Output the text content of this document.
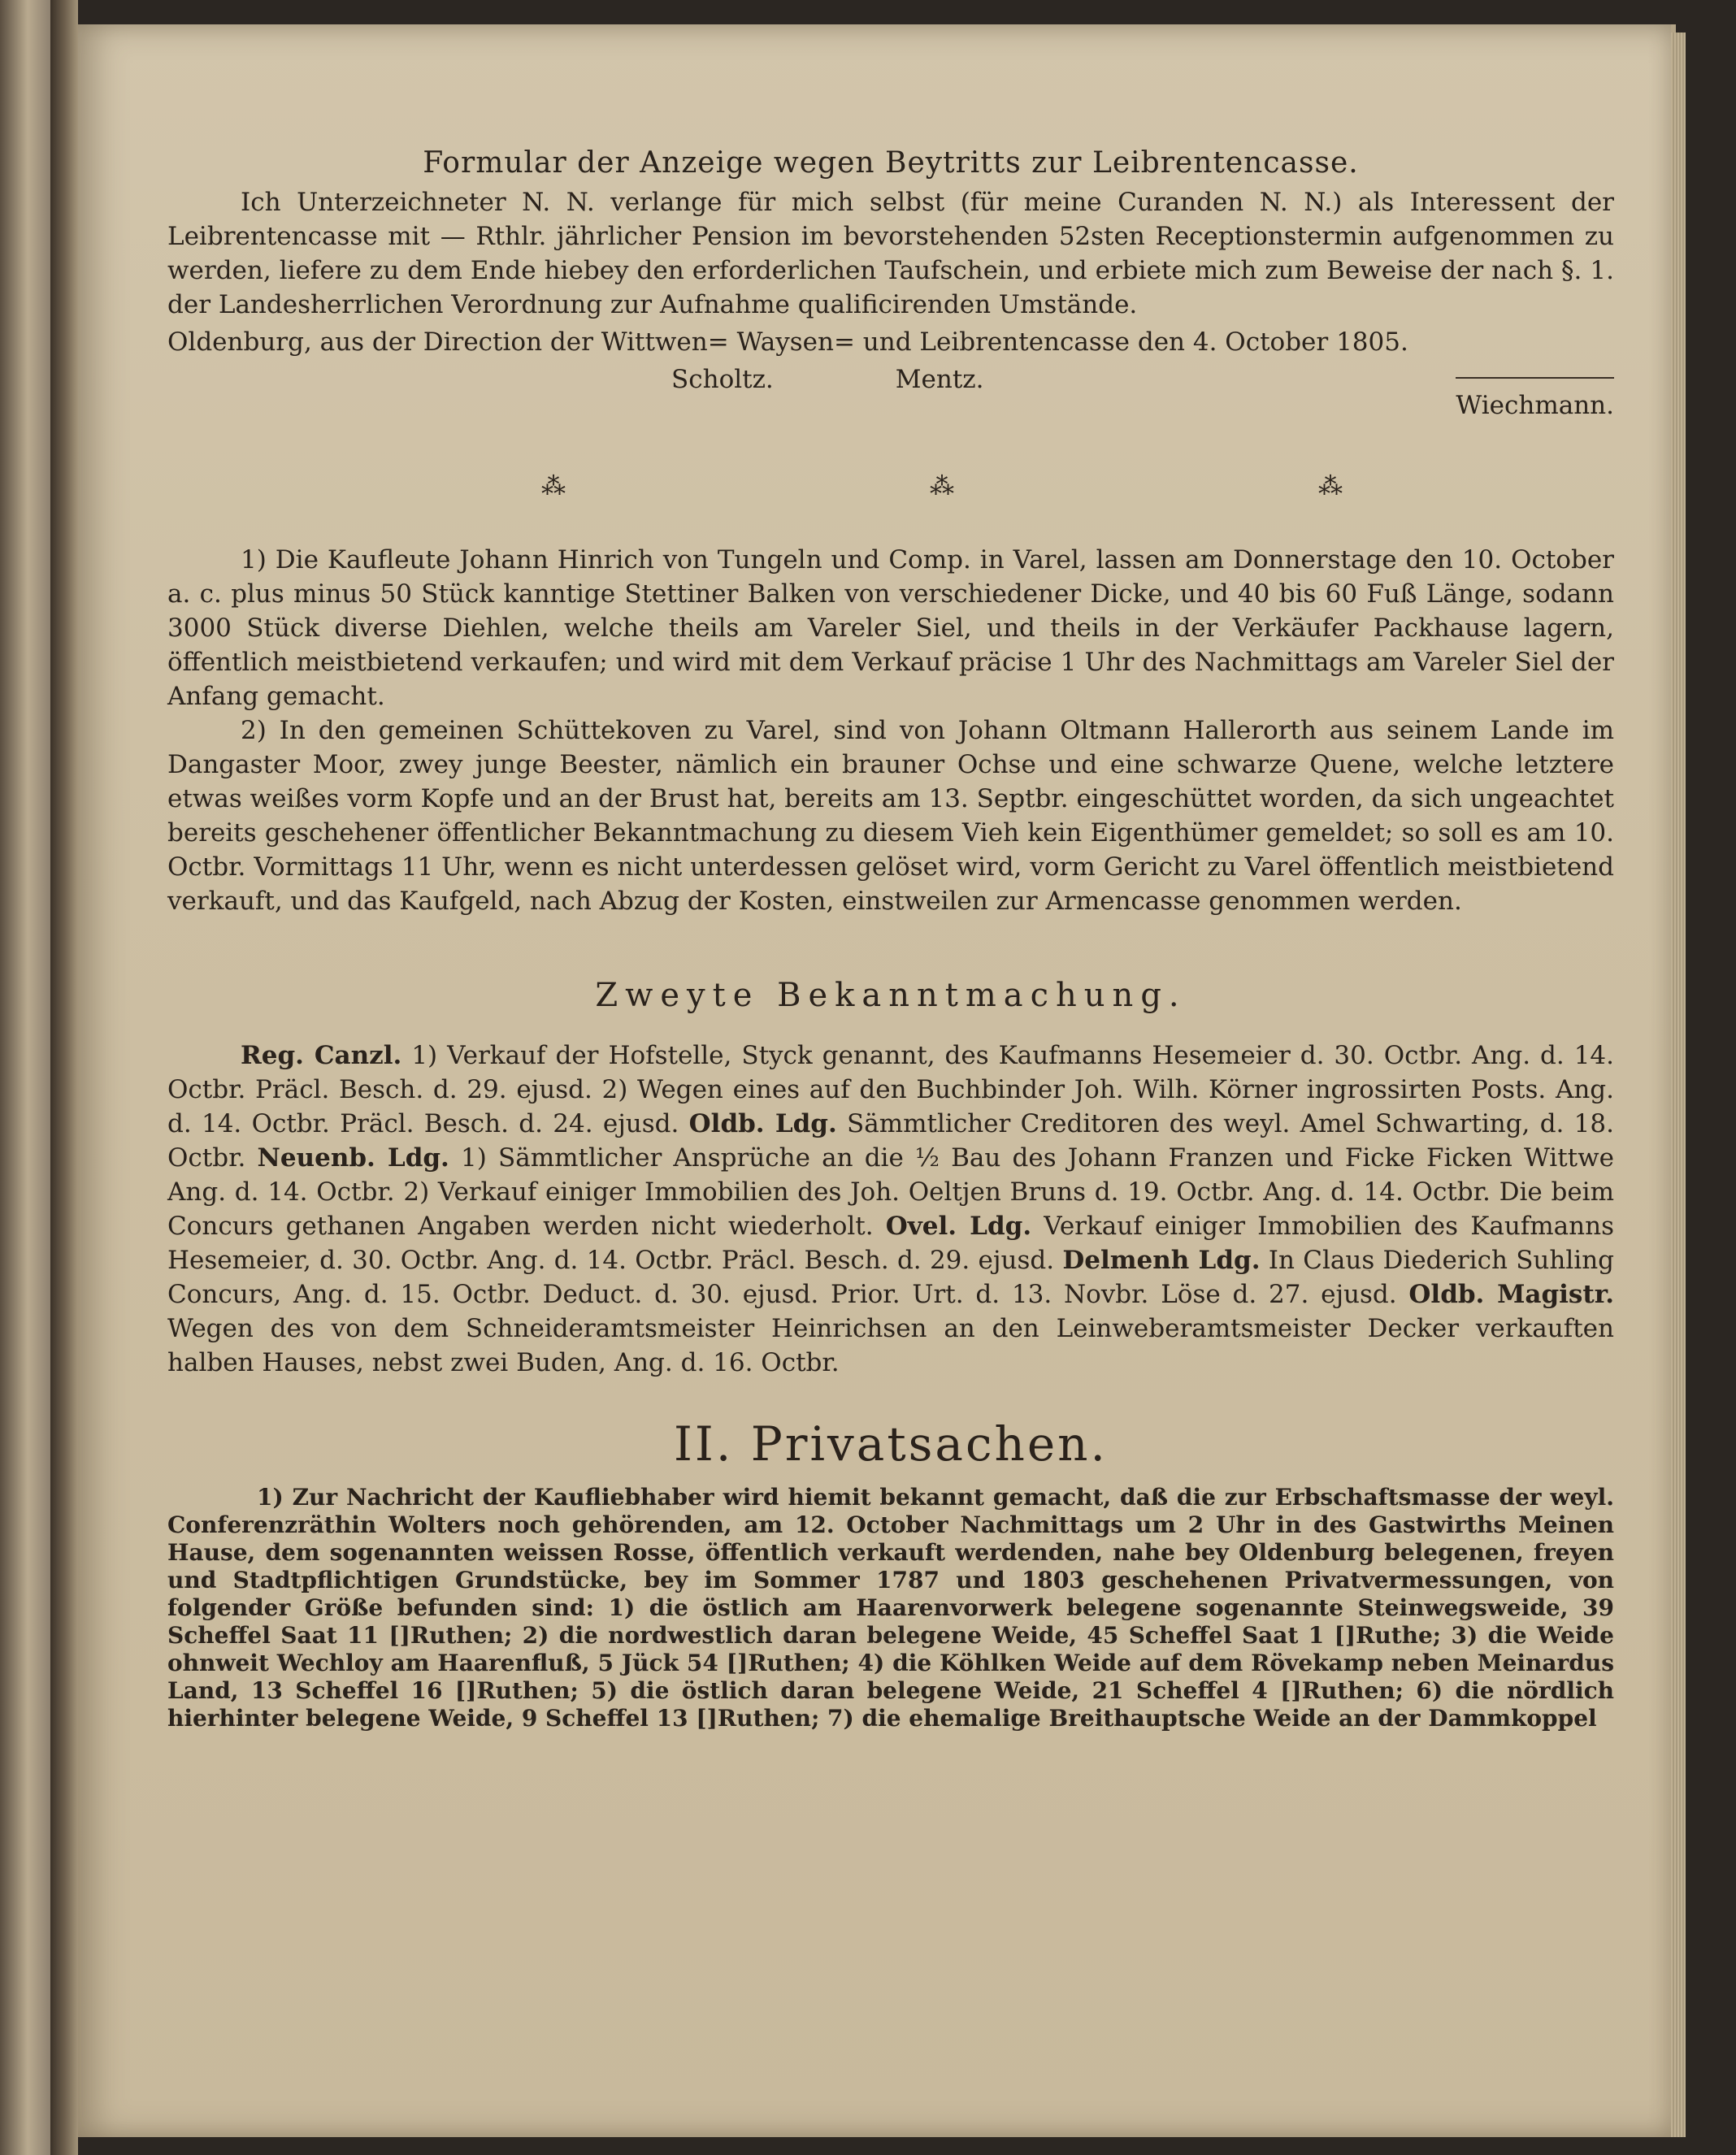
Formular der Anzeige wegen Beytritts zur Leibrentencasse.

Ich Unterzeichneter N. N. verlange für mich selbst (für meine Curanden N. N.) als Interessent der Leibrentencasse mit — Rthlr. jährlicher Pension im bevorstehenden 52sten Receptionstermin aufgenommen zu werden, liefere zu dem Ende hiebey den erforderlichen Taufschein, und erbiete mich zum Beweise der nach §. 1. der Landesherrlichen Verordnung zur Aufnahme qualificirenden Umstände.

Oldenburg, aus der Direction der Wittwen= Waysen= und Leibrentencasse den 4. October 1805.

Scholtz.	Mentz.
Wiechmann.
⁂	⁂	⁂

1) Die Kaufleute Johann Hinrich von Tungeln und Comp. in Varel, lassen am Donnerstage den 10. October a. c. plus minus 50 Stück kanntige Stettiner Balken von verschiedener Dicke, und 40 bis 60 Fuß Länge, sodann 3000 Stück diverse Diehlen, welche theils am Vareler Siel, und theils in der Verkäufer Packhause lagern, öffentlich meistbietend verkaufen; und wird mit dem Verkauf präcise 1 Uhr des Nachmittags am Vareler Siel der Anfang gemacht.

2) In den gemeinen Schüttekoven zu Varel, sind von Johann Oltmann Hallerorth aus seinem Lande im Dangaster Moor, zwey junge Beester, nämlich ein brauner Ochse und eine schwarze Quene, welche letztere etwas weißes vorm Kopfe und an der Brust hat, bereits am 13. Septbr. eingeschüttet worden, da sich ungeachtet bereits geschehener öffentlicher Bekanntmachung zu diesem Vieh kein Eigenthümer gemeldet; so soll es am 10. Octbr. Vormittags 11 Uhr, wenn es nicht unterdessen gelöset wird, vorm Gericht zu Varel öffentlich meistbietend verkauft, und das Kaufgeld, nach Abzug der Kosten, einstweilen zur Armencasse genommen werden.

Zweyte Bekanntmachung.

Reg. Canzl. 1) Verkauf der Hofstelle, Styck genannt, des Kaufmanns Hesemeier d. 30. Octbr. Ang. d. 14. Octbr. Präcl. Besch. d. 29. ejusd. 2) Wegen eines auf den Buchbinder Joh. Wilh. Körner ingrossirten Posts. Ang. d. 14. Octbr. Präcl. Besch. d. 24. ejusd. Oldb. Ldg. Sämmtlicher Creditoren des weyl. Amel Schwarting, d. 18. Octbr. Neuenb. Ldg. 1) Sämmtlicher Ansprüche an die ½ Bau des Johann Franzen und Ficke Ficken Wittwe Ang. d. 14. Octbr. 2) Verkauf einiger Immobilien des Joh. Oeltjen Bruns d. 19. Octbr. Ang. d. 14. Octbr. Die beim Concurs gethanen Angaben werden nicht wiederholt. Ovel. Ldg. Verkauf einiger Immobilien des Kaufmanns Hesemeier, d. 30. Octbr. Ang. d. 14. Octbr. Präcl. Besch. d. 29. ejusd. Delmenh Ldg. In Claus Diederich Suhling Concurs, Ang. d. 15. Octbr. Deduct. d. 30. ejusd. Prior. Urt. d. 13. Novbr. Löse d. 27. ejusd. Oldb. Magistr. Wegen des von dem Schneideramtsmeister Heinrichsen an den Leinweberamtsmeister Decker verkauften halben Hauses, nebst zwei Buden, Ang. d. 16. Octbr.

II. Privatsachen.

1) Zur Nachricht der Kaufliebhaber wird hiemit bekannt gemacht, daß die zur Erbschaftsmasse der weyl. Conferenzräthin Wolters noch gehörenden, am 12. October Nachmittags um 2 Uhr in des Gastwirths Meinen Hause, dem sogenannten weissen Rosse, öffentlich verkauft werdenden, nahe bey Oldenburg belegenen, freyen und Stadtpflichtigen Grundstücke, bey im Sommer 1787 und 1803 geschehenen Privatvermessungen, von folgender Größe befunden sind: 1) die östlich am Haarenvorwerk belegene sogenannte Steinwegsweide, 39 Scheffel Saat 11 []Ruthen; 2) die nordwestlich daran belegene Weide, 45 Scheffel Saat 1 []Ruthe; 3) die Weide ohnweit Wechloy am Haarenfluß, 5 Jück 54 []Ruthen; 4) die Köhlken Weide auf dem Rövekamp neben Meinardus Land, 13 Scheffel 16 []Ruthen; 5) die östlich daran belegene Weide, 21 Scheffel 4 []Ruthen; 6) die nördlich hierhinter belegene Weide, 9 Scheffel 13 []Ruthen; 7) die ehemalige Breithauptsche Weide an der Dammkoppel
